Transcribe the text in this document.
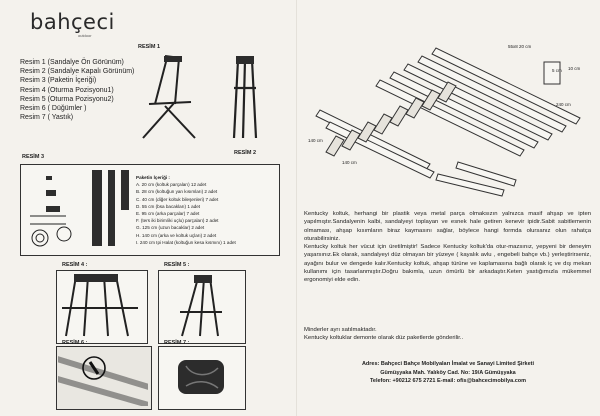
bahçeci
outdoor
Resim 1 (Sandalye Ön Görünüm)
Resim 2 (Sandalye Kapalı Görünüm)
Resim 3 (Paketin İçeriği)
Resim 4 (Oturma Pozisyonu1)
Resim 5 (Oturma Pozisyonu2)
Resim 6 ( Düğümler )
Resim 7 ( Yastık)
RESİM 1
RESİM 2
RESİM 3
Paketin İçeriği :
A. 20 cm (koltuk parçaları) 12 adet
B. 28 cm (koltuğun yan kısımları) 2 adet
C. 40 cm (diğer koltuk bileşenleri) 7 adet
D. 55 cm (bsa bacakları) 1 adet
E. 95 cm (arka parçalar) 7 adet
F. (ters iki birim/iki uçlu) parçaları) 2 adet
G. 125 cm (uzun bacaklar) 2 adet
H. 140 cm (arka ve koltuk uçları) 2 adet
I. 240 cm Ipi Halat (koltuğun kesa kısmını) 1 adet
RESİM 4 :	RESİM 5 :
RESİM 6 :	RESİM 7 :
55x8 20 cm
10 cm
240 cm
140 cm
140 cm
5 cm

Kentucky koltuk, herhangi bir plastik veya metal parça olmaksızın yalnızca masif ahşap ve ipten yapılmıştır.Sandalyenin kalbi, sandalyeyi toplayan ve esnek hale getiren kenevir ipidir.Sabit sabitlemenin olmaması, ahşap kısımların biraz kaymasını sağlar, böylece hangi formda olursanız olun rahatça oturabilirsiniz.

Kentucky koltuk her vücut için üretilmiştir! Sadece Kentucky koltuk'da otur-mazsınız, yepyeni bir deneyim yaşarsınız.Ek olarak, sandalyeyi düz olmayan bir yüzeye ( kayalık avlu , engebeli bahçe vb.) yerleştirirseniz, ayağını bulur ve dengede kalır.Kentucky koltuk, ahşap türüne ve kaplamasına bağlı olarak iç ve dış mekan kullanımı için tasarlanmıştır.Doğru bakımla, uzun ömürlü bir arkadaştır.Keten yastığımızla mükemmel ergonomiyi elde edin.

Minderler ayrı satılmaktadır.
Kentucky koltuklar demonte olarak düz paketlerde gönderilir..
Adres: Bahçeci Bahçe Mobilyaları İmalat ve Sanayi Limited Şirketi
Gümüşyaka Mah. Yalıköy Cad. No: 19/A Gümüşyaka
Telefon: +90212 675 2721 E-mail: ofis@bahcecimobilya.com
